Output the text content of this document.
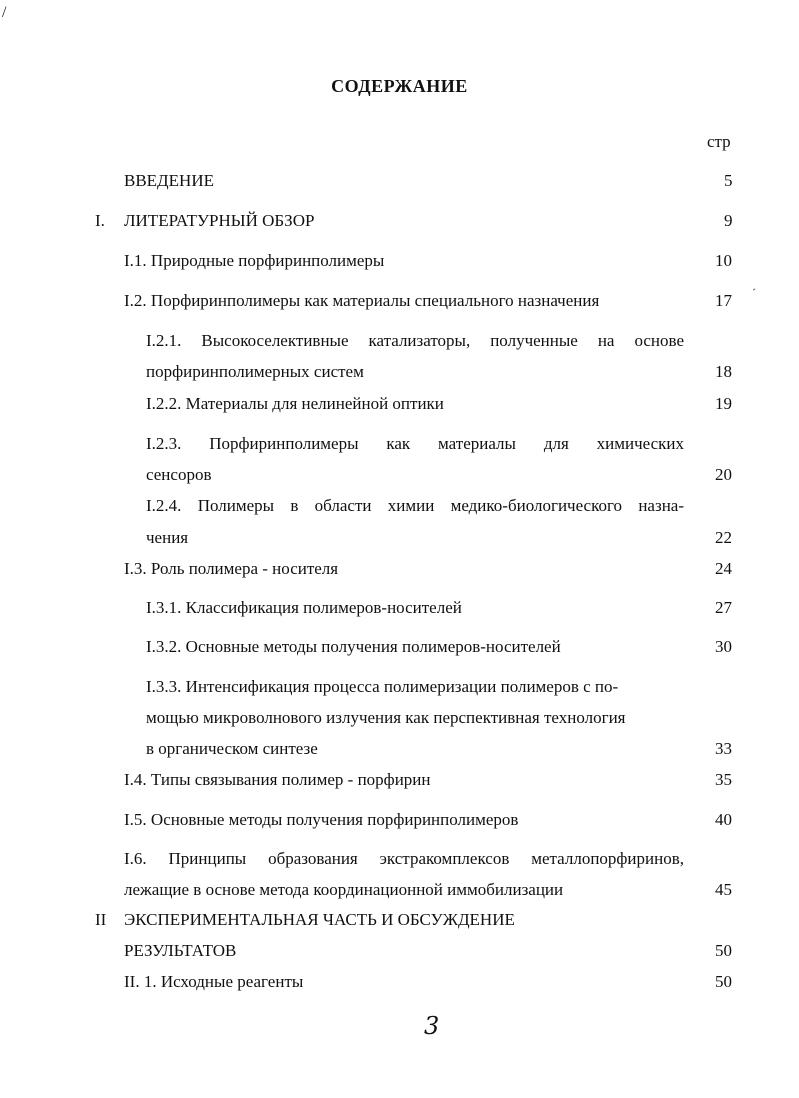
/
´
СОДЕРЖАНИЕ
стр
ВВЕДЕНИЕ	5
I. ЛИТЕРАТУРНЫЙ ОБЗОР	9
I.1. Природные порфиринполимеры	10
I.2. Порфиринполимеры как материалы специального назначения	17
I.2.1. Высокоселективные катализаторы, полученные на основе
порфиринполимерных систем	18
I.2.2. Материалы для нелинейной оптики	19
I.2.3. Порфиринполимеры как материалы для химических
сенсоров	20
I.2.4. Полимеры в области химии медико-биологического назна-
чения	22
I.3. Роль полимера - носителя	24
I.3.1. Классификация полимеров-носителей	27
I.3.2. Основные методы получения полимеров-носителей	30
I.3.3. Интенсификация процесса полимеризации полимеров с по-
мощью микроволнового излучения как перспективная технология
в органическом синтезе	33
I.4. Типы связывания полимер - порфирин	35
I.5. Основные методы получения порфиринполимеров	40
I.6. Принципы образования экстракомплексов металлопорфиринов,
лежащие в основе метода координационной иммобилизации	45
II ЭКСПЕРИМЕНТАЛЬНАЯ ЧАСТЬ И ОБСУЖДЕНИЕ
РЕЗУЛЬТАТОВ	50
II. 1. Исходные реагенты	50
3
